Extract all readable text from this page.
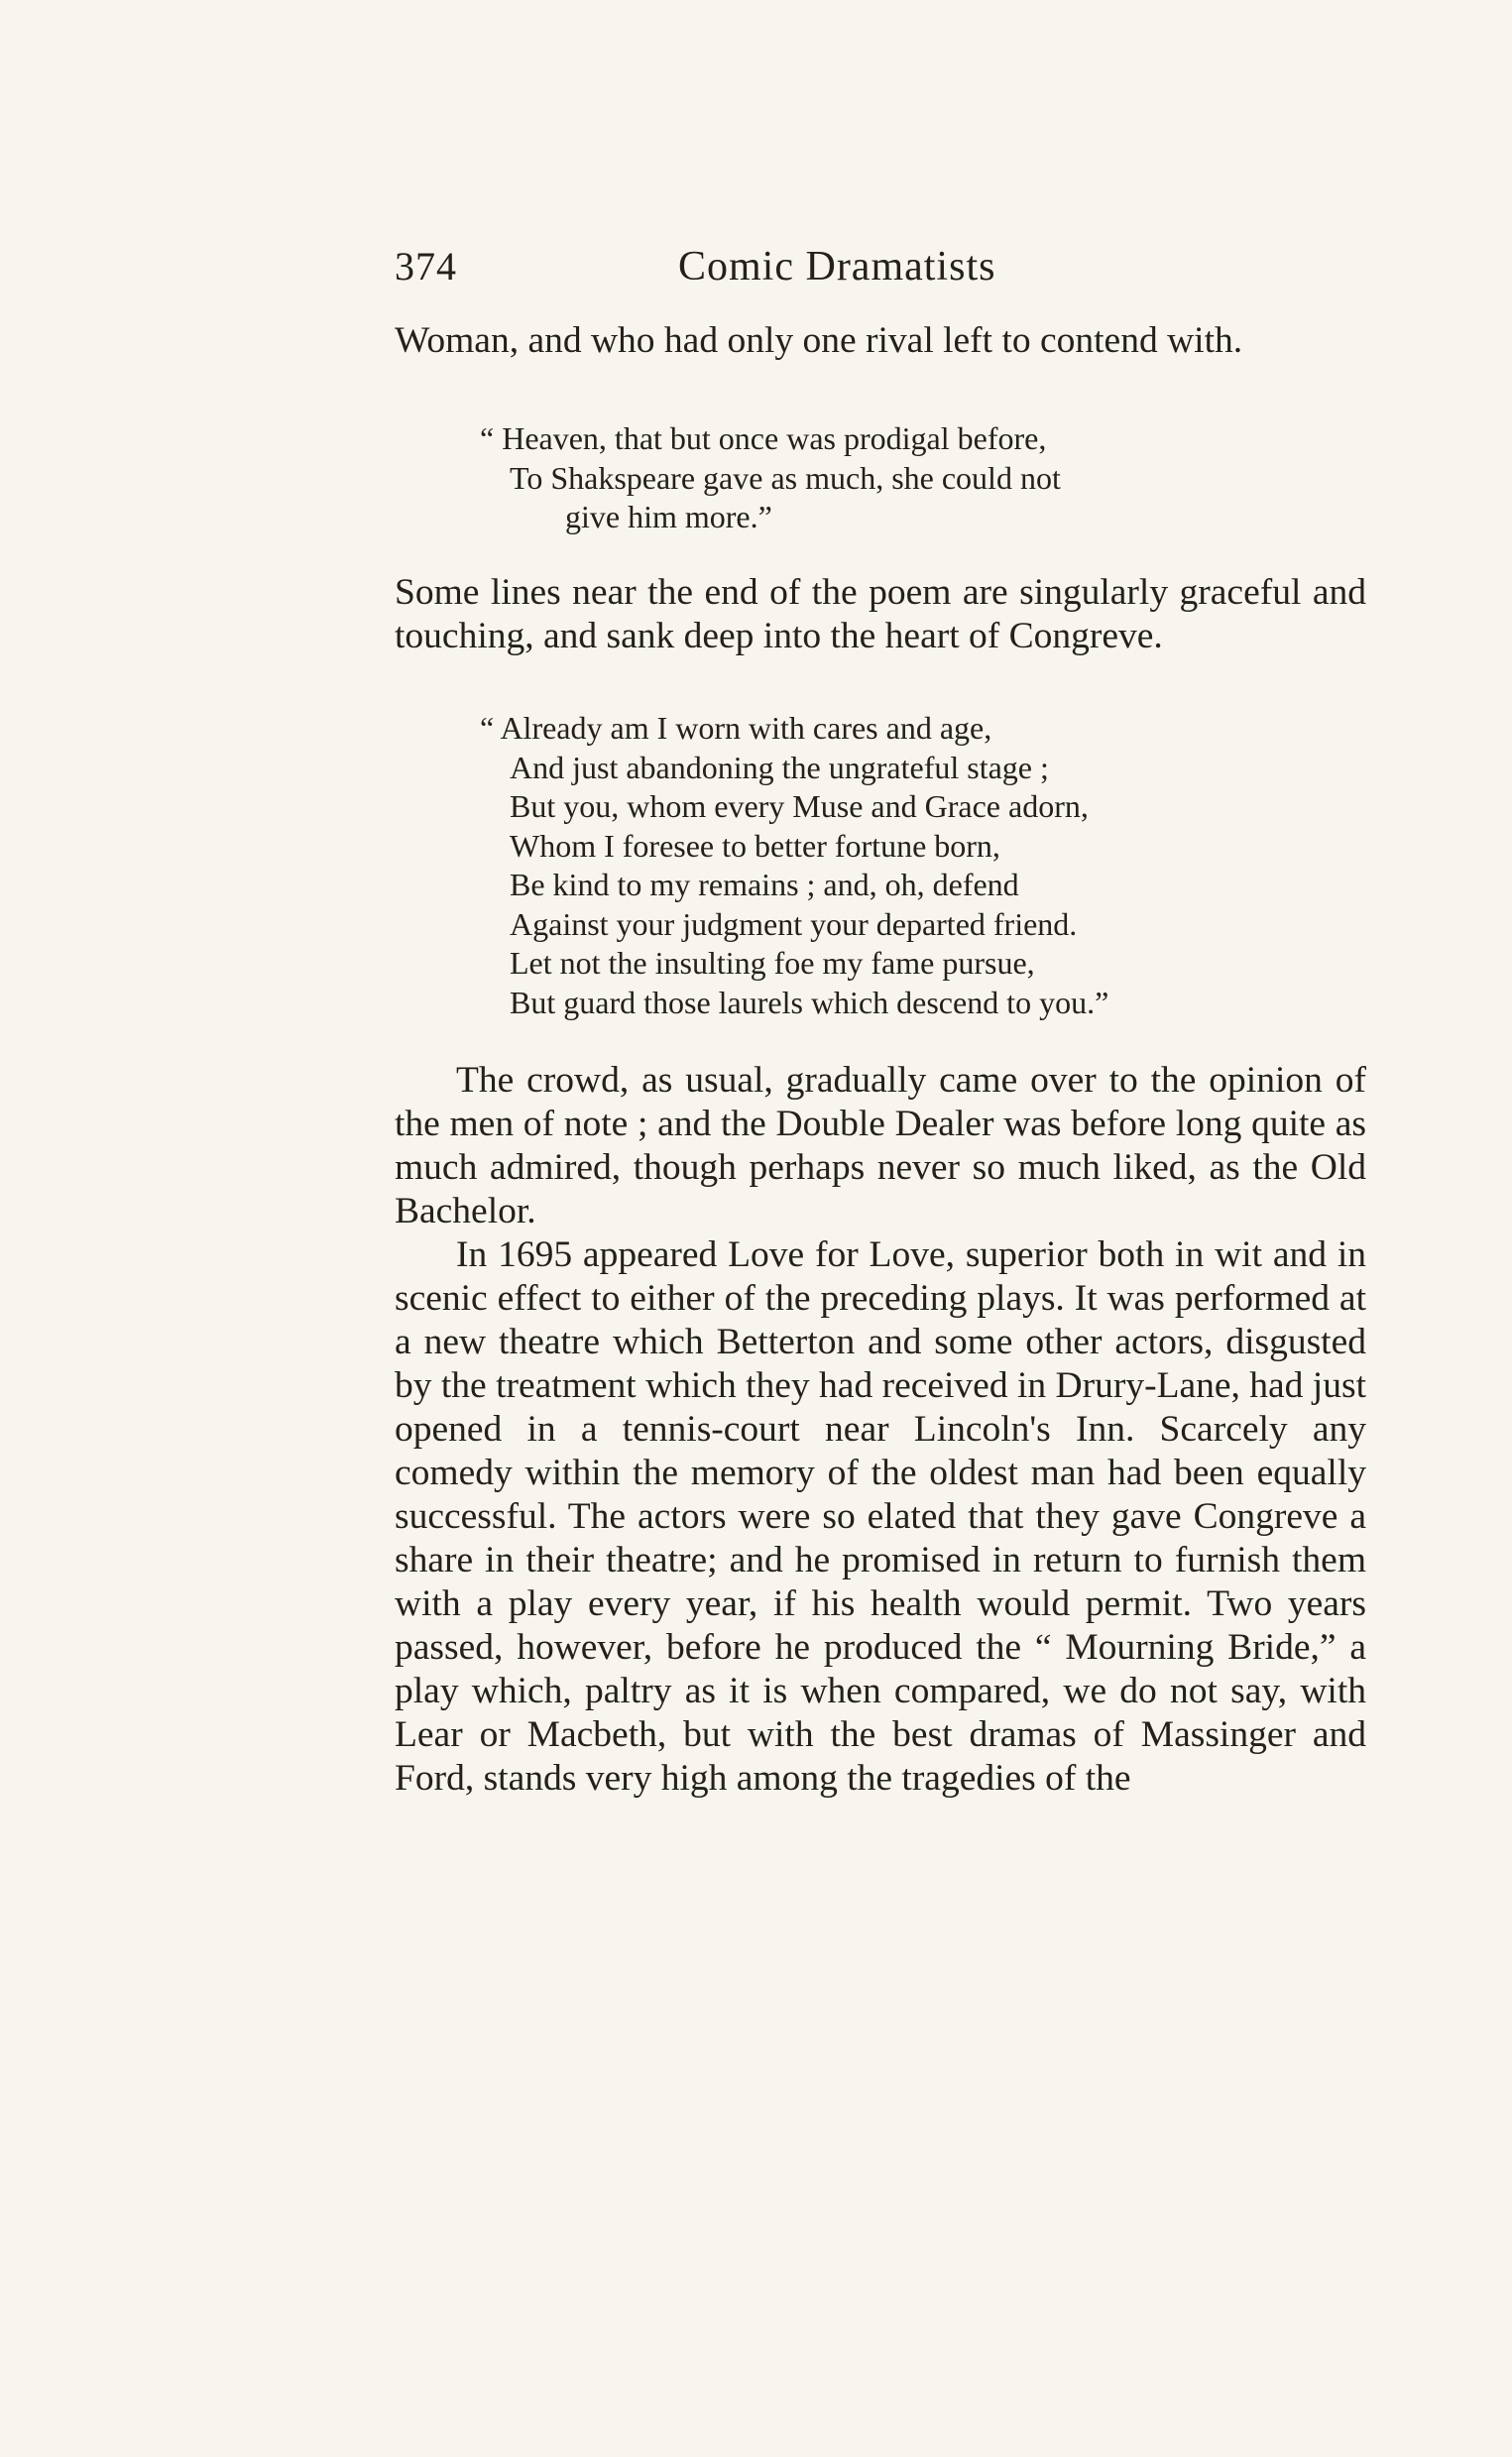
374	Comic Dramatists

Woman, and who had only one rival left to contend with.

“ Heaven, that but once was prodigal before,
To Shakspeare gave as much, she could not
give him more.”

Some lines near the end of the poem are singularly graceful and touching, and sank deep into the heart of Congreve.

“ Already am I worn with cares and age,
And just abandoning the ungrateful stage ;
But you, whom every Muse and Grace adorn,
Whom I foresee to better fortune born,
Be kind to my remains ; and, oh, defend
Against your judgment your departed friend.
Let not the insulting foe my fame pursue,
But guard those laurels which descend to you.”

The crowd, as usual, gradually came over to the opinion of the men of note ; and the Double Dealer was before long quite as much admired, though perhaps never so much liked, as the Old Bachelor.

In 1695 appeared Love for Love, superior both in wit and in scenic effect to either of the preceding plays. It was performed at a new theatre which Betterton and some other actors, disgusted by the treatment which they had received in Drury-Lane, had just opened in a tennis-court near Lincoln's Inn. Scarcely any comedy within the memory of the oldest man had been equally successful. The actors were so elated that they gave Congreve a share in their theatre; and he promised in return to furnish them with a play every year, if his health would permit. Two years passed, however, before he produced the “ Mourning Bride,” a play which, paltry as it is when compared, we do not say, with Lear or Macbeth, but with the best dramas of Massinger and Ford, stands very high among the tragedies of the
